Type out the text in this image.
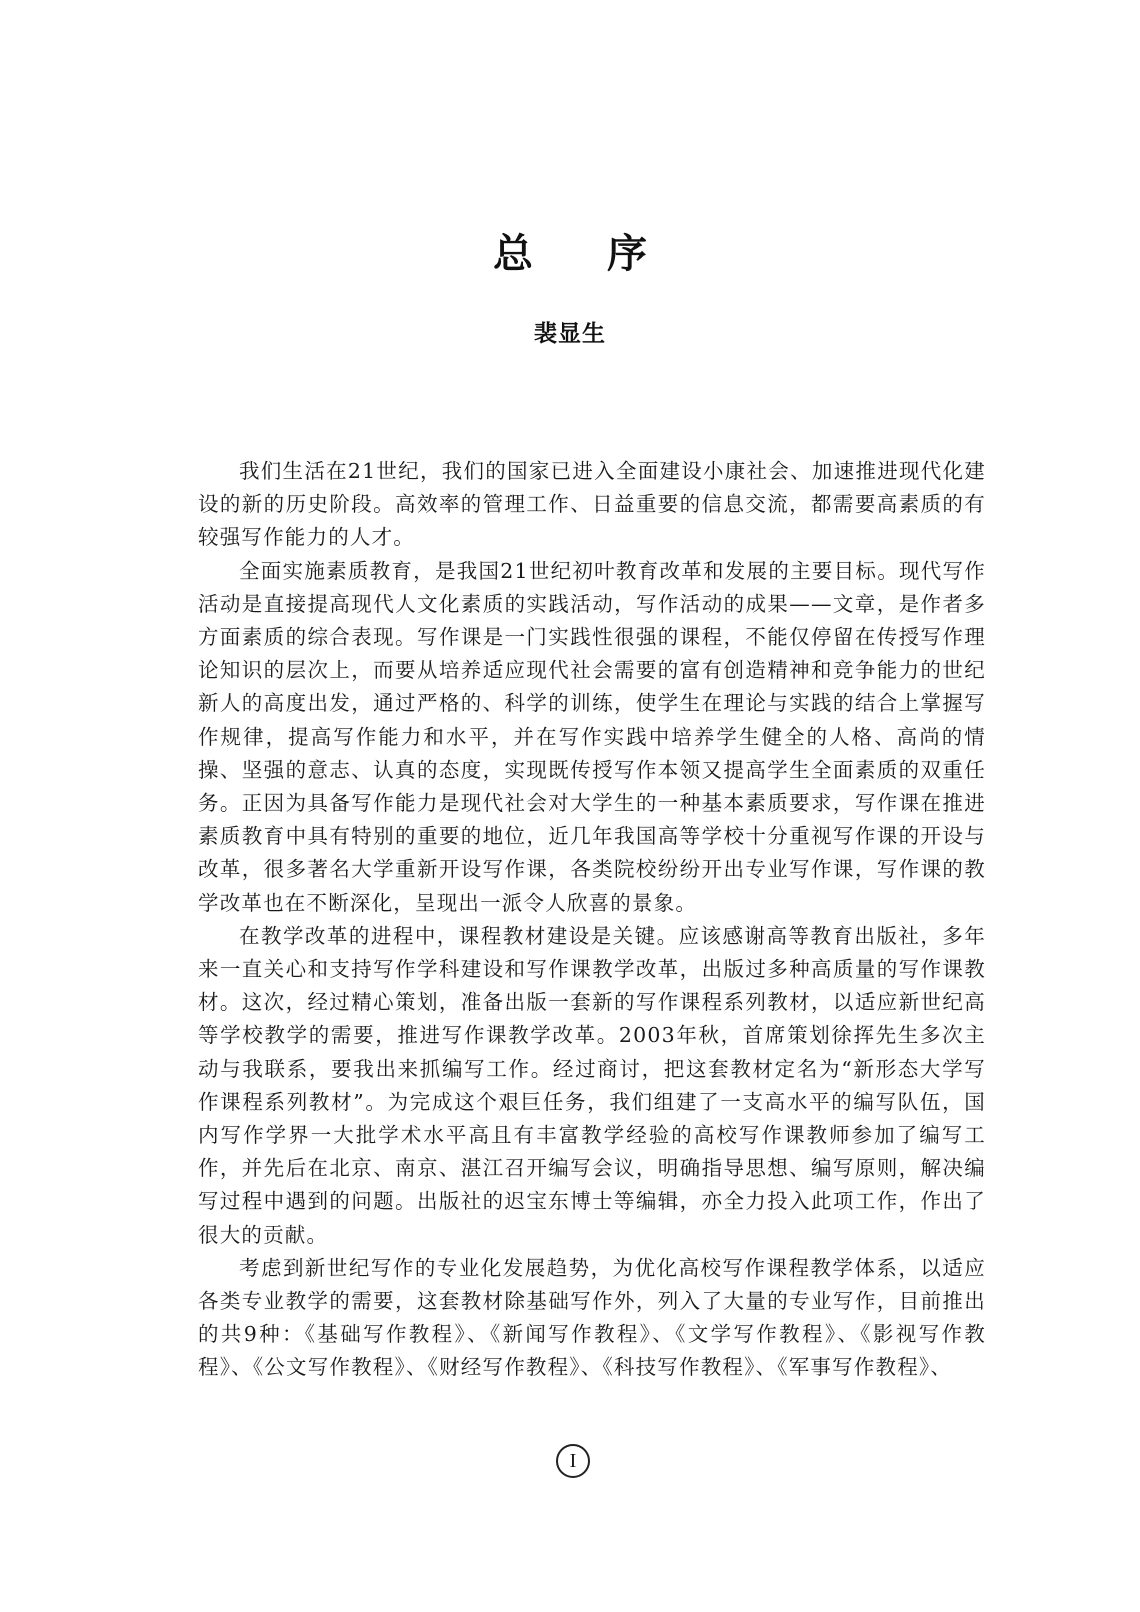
总序
裴显生

我们生活在21世纪，我们的国家已进入全面建设小康社会、加速推进现代化建设的新的历史阶段。高效率的管理工作、日益重要的信息交流，都需要高素质的有较强写作能力的人才。

全面实施素质教育，是我国21世纪初叶教育改革和发展的主要目标。现代写作活动是直接提高现代人文化素质的实践活动，写作活动的成果——文章，是作者多方面素质的综合表现。写作课是一门实践性很强的课程，不能仅停留在传授写作理论知识的层次上，而要从培养适应现代社会需要的富有创造精神和竞争能力的世纪新人的高度出发，通过严格的、科学的训练，使学生在理论与实践的结合上掌握写作规律，提高写作能力和水平，并在写作实践中培养学生健全的人格、高尚的情操、坚强的意志、认真的态度，实现既传授写作本领又提高学生全面素质的双重任务。正因为具备写作能力是现代社会对大学生的一种基本素质要求，写作课在推进素质教育中具有特别的重要的地位，近几年我国高等学校十分重视写作课的开设与改革，很多著名大学重新开设写作课，各类院校纷纷开出专业写作课，写作课的教学改革也在不断深化，呈现出一派令人欣喜的景象。

在教学改革的进程中，课程教材建设是关键。应该感谢高等教育出版社，多年来一直关心和支持写作学科建设和写作课教学改革，出版过多种高质量的写作课教材。这次，经过精心策划，准备出版一套新的写作课程系列教材，以适应新世纪高等学校教学的需要，推进写作课教学改革。2003年秋，首席策划徐挥先生多次主动与我联系，要我出来抓编写工作。经过商讨，把这套教材定名为“新形态大学写作课程系列教材”。为完成这个艰巨任务，我们组建了一支高水平的编写队伍，国内写作学界一大批学术水平高且有丰富教学经验的高校写作课教师参加了编写工作，并先后在北京、南京、湛江召开编写会议，明确指导思想、编写原则，解决编写过程中遇到的问题。出版社的迟宝东博士等编辑，亦全力投入此项工作，作出了很大的贡献。

考虑到新世纪写作的专业化发展趋势，为优化高校写作课程教学体系，以适应各类专业教学的需要，这套教材除基础写作外，列入了大量的专业写作，目前推出的共9种：《基础写作教程》、《新闻写作教程》、《文学写作教程》、《影视写作教程》、《公文写作教程》、《财经写作教程》、《科技写作教程》、《军事写作教程》、

I
